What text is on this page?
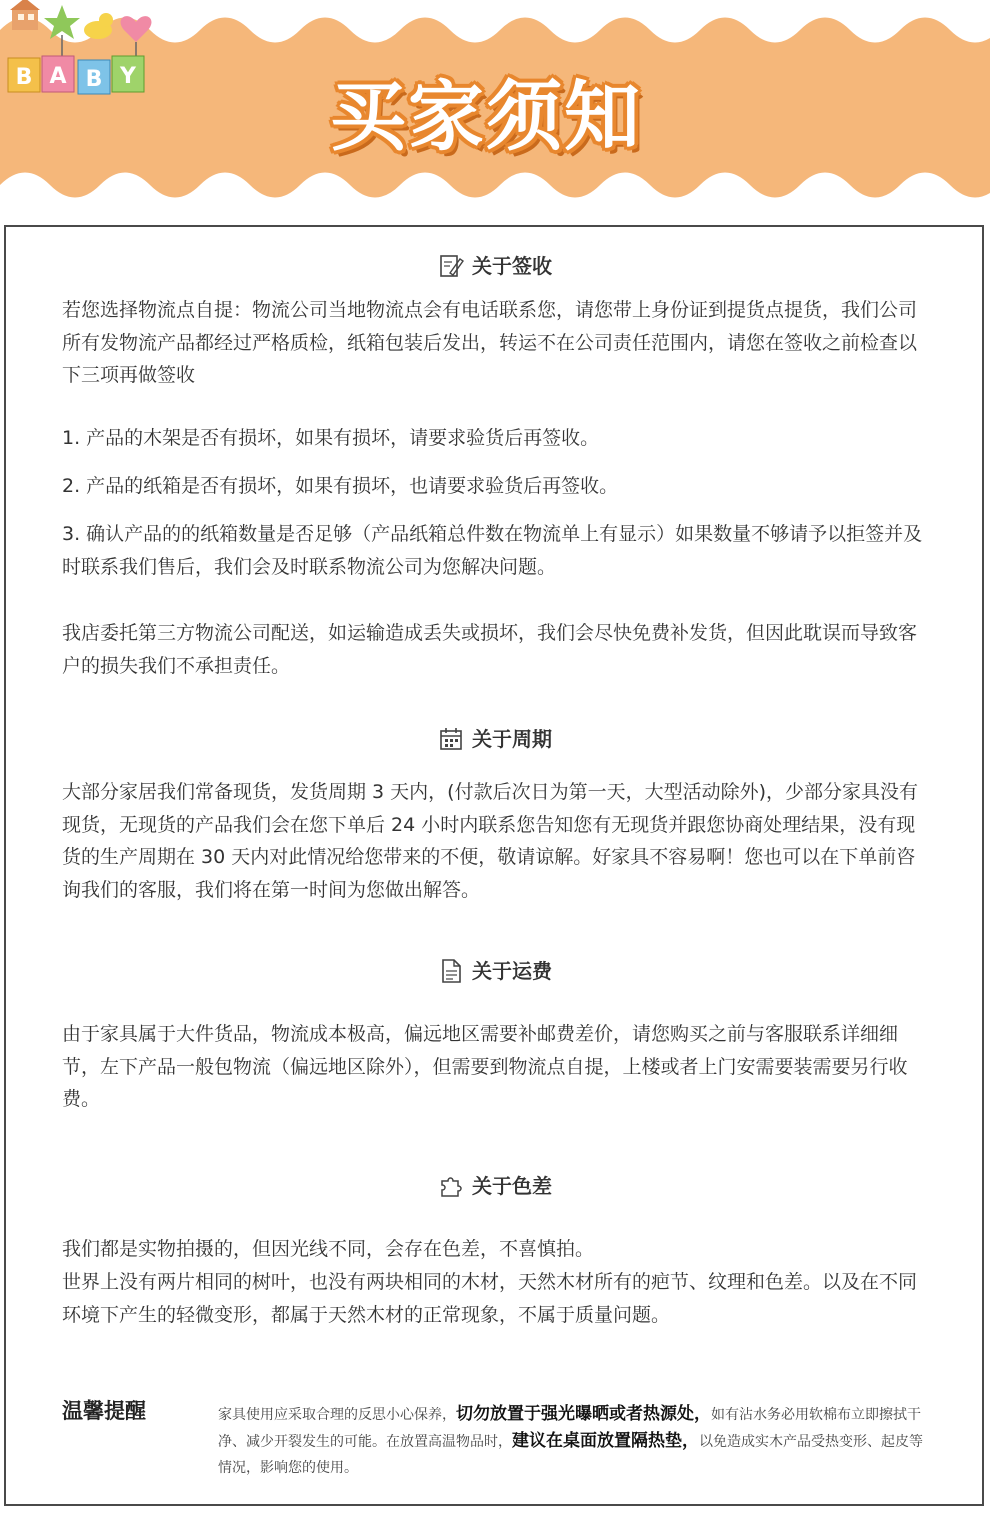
B A B Y	买家须知
关于签收
若您选择物流点自提：物流公司当地物流点会有电话联系您，请您带上身份证到提货点提货，我们公司所有发物流产品都经过严格质检，纸箱包装后发出，转运不在公司责任范围内，请您在签收之前检查以下三项再做签收
1. 产品的木架是否有损坏，如果有损坏，请要求验货后再签收。
2. 产品的纸箱是否有损坏，如果有损坏，也请要求验货后再签收。
3. 确认产品的的纸箱数量是否足够（产品纸箱总件数在物流单上有显示）如果数量不够请予以拒签并及时联系我们售后，我们会及时联系物流公司为您解决问题。
我店委托第三方物流公司配送，如运输造成丢失或损坏，我们会尽快免费补发货，但因此耽误而导致客户的损失我们不承担责任。
关于周期
大部分家居我们常备现货，发货周期 3 天内，(付款后次日为第一天，大型活动除外)，少部分家具没有现货，无现货的产品我们会在您下单后 24 小时内联系您告知您有无现货并跟您协商处理结果，没有现货的生产周期在 30 天内对此情况给您带来的不便，敬请谅解。好家具不容易啊！您也可以在下单前咨询我们的客服，我们将在第一时间为您做出解答。
关于运费
由于家具属于大件货品，物流成本极高，偏远地区需要补邮费差价，请您购买之前与客服联系详细细节，左下产品一般包物流（偏远地区除外），但需要到物流点自提，上楼或者上门安需要装需要另行收费。
关于色差
我们都是实物拍摄的，但因光线不同，会存在色差，不喜慎拍。
世界上没有两片相同的树叶，也没有两块相同的木材，天然木材所有的疤节、纹理和色差。以及在不同环境下产生的轻微变形，都属于天然木材的正常现象，不属于质量问题。
温馨提醒	家具使用应采取合理的反思小心保养，切勿放置于强光曝晒或者热源处，如有沾水务必用软棉布立即擦拭干净、减少开裂发生的可能。在放置高温物品时，建议在桌面放置隔热垫，以免造成实木产品受热变形、起皮等情况，影响您的使用。
